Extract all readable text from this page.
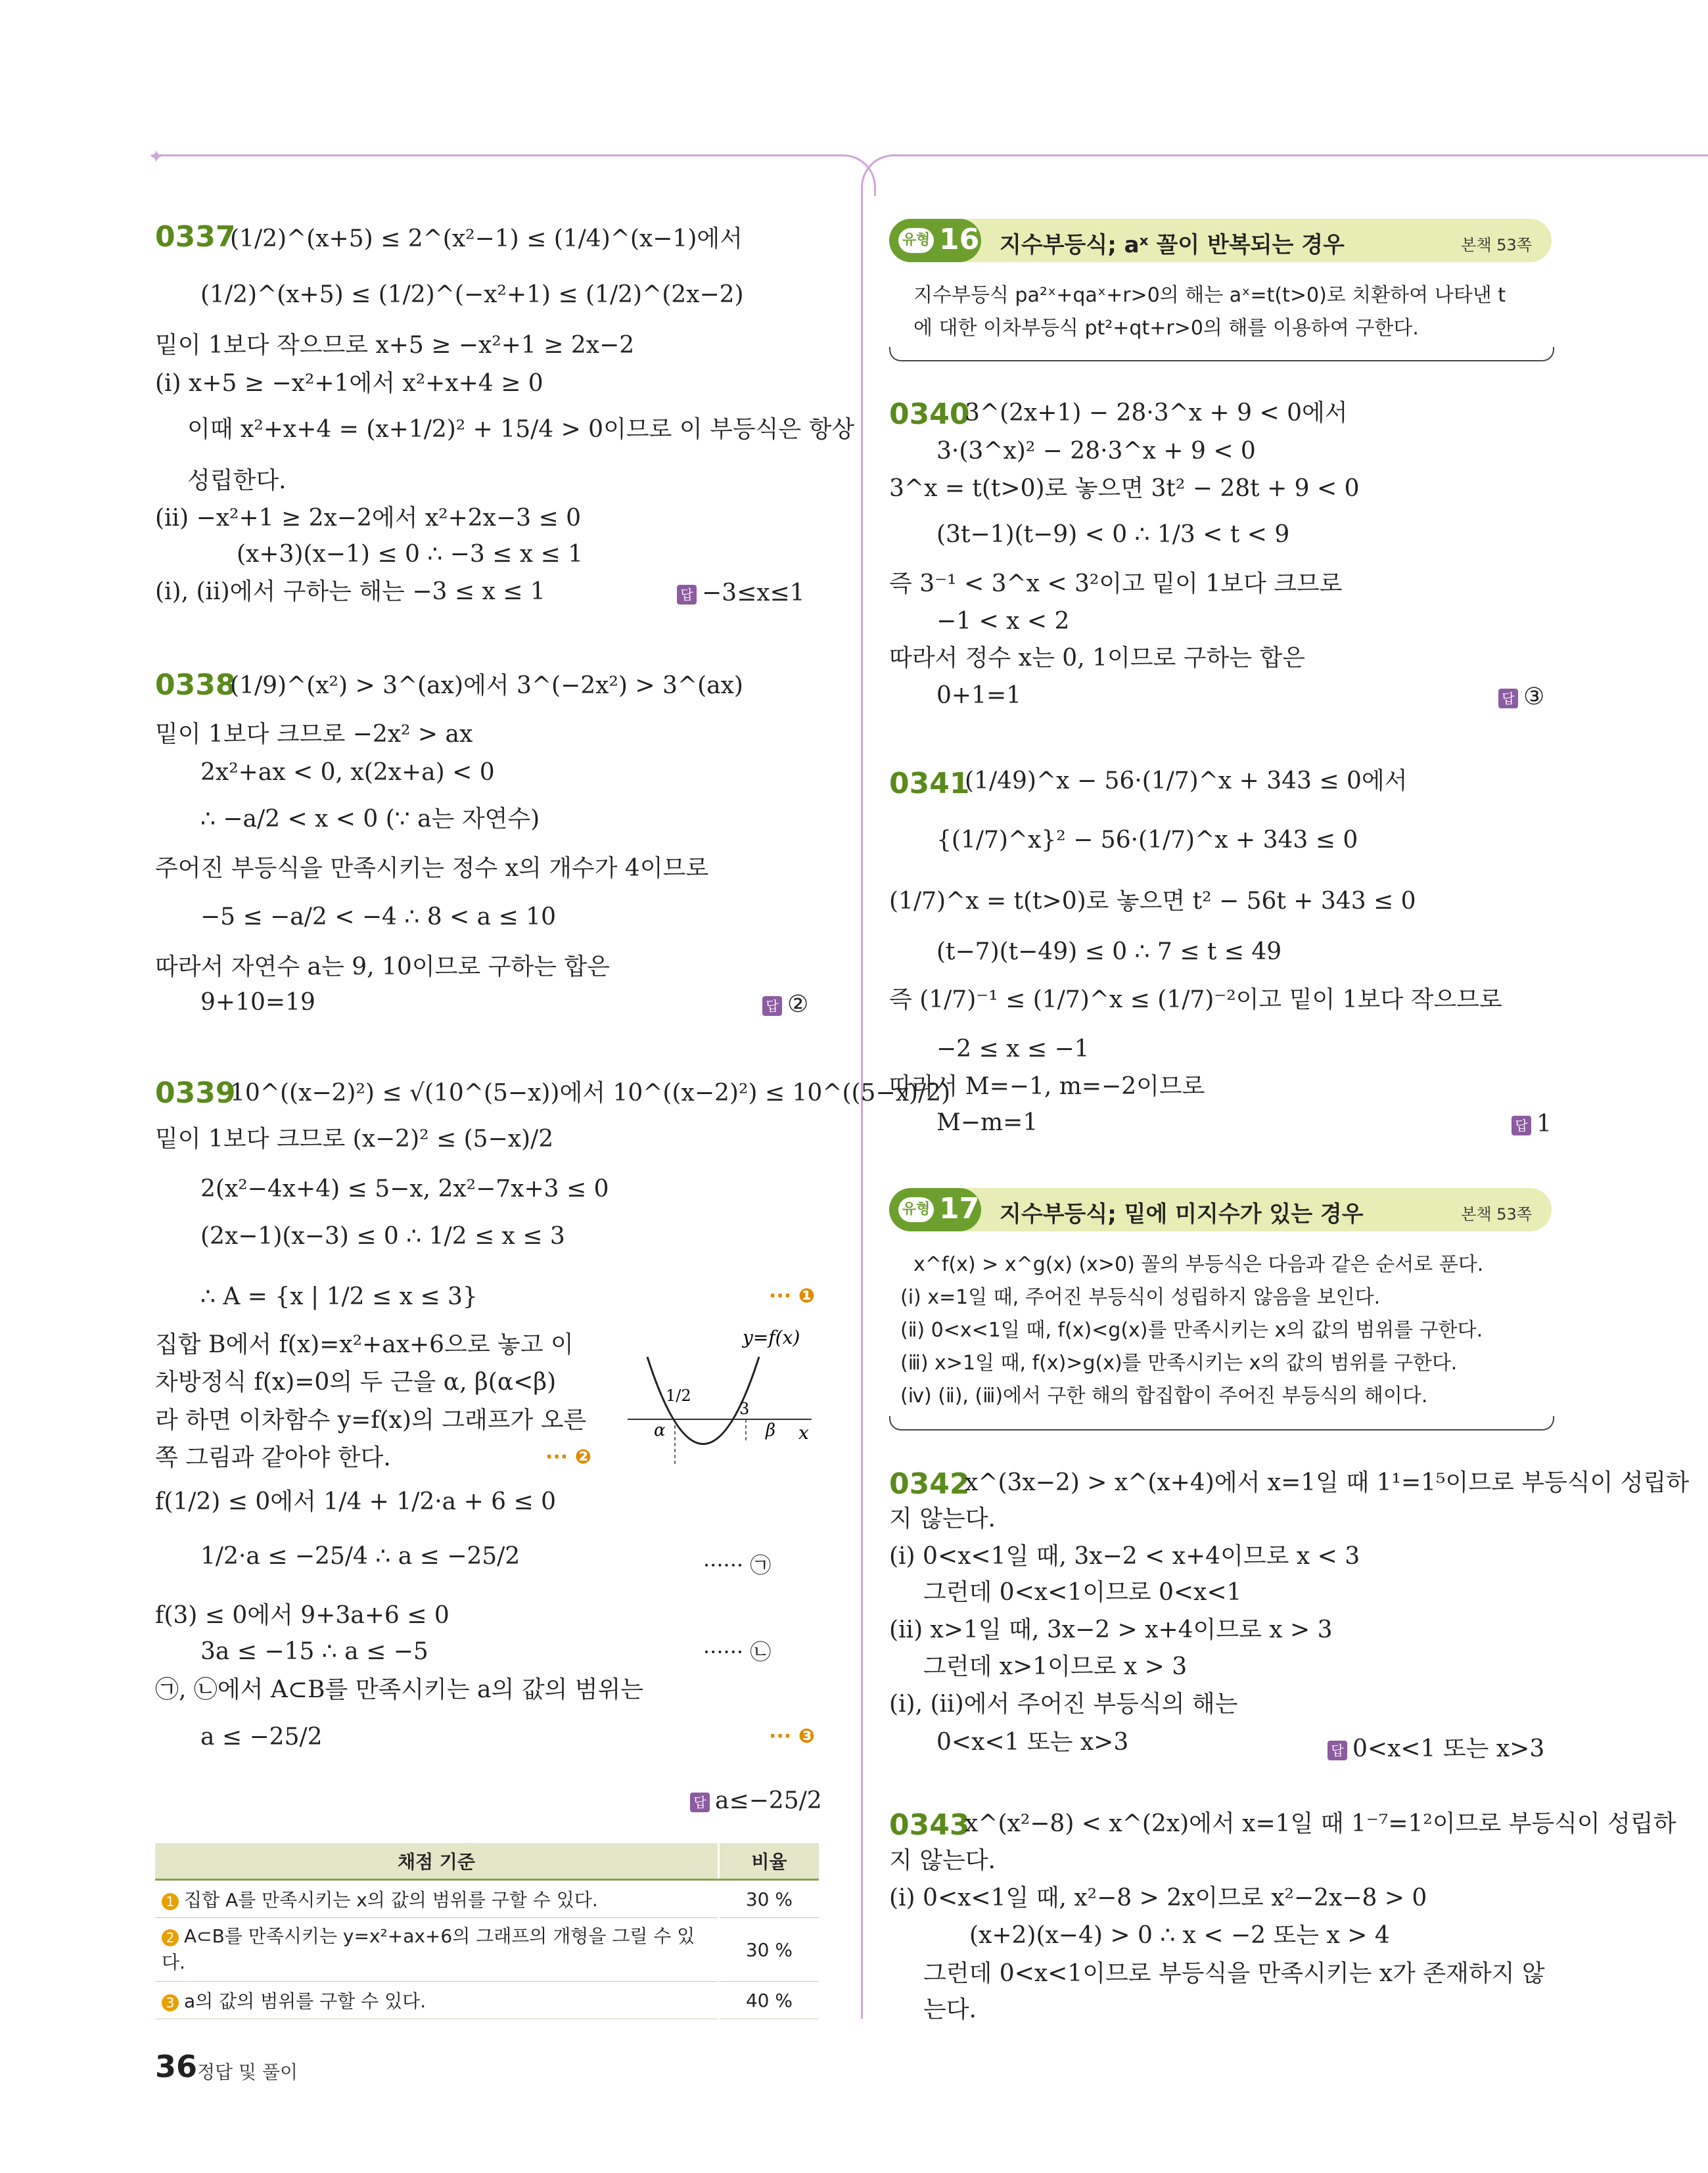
✦
0337
(1/2)^(x+5) ≤ 2^(x²−1) ≤ (1/4)^(x−1)에서
(1/2)^(x+5) ≤ (1/2)^(−x²+1) ≤ (1/2)^(2x−2)
밑이 1보다 작으므로 x+5 ≥ −x²+1 ≥ 2x−2
(ⅰ) x+5 ≥ −x²+1에서 x²+x+4 ≥ 0
이때 x²+x+4 = (x+1/2)² + 15/4 > 0이므로 이 부등식은 항상
성립한다.
(ⅱ) −x²+1 ≥ 2x−2에서 x²+2x−3 ≤ 0
(x+3)(x−1) ≤ 0 ∴ −3 ≤ x ≤ 1
(ⅰ), (ⅱ)에서 구하는 해는 −3 ≤ x ≤ 1	답 −3≤x≤1
0338
(1/9)^(x²) > 3^(ax)에서 3^(−2x²) > 3^(ax)
밑이 1보다 크므로 −2x² > ax
2x²+ax < 0, x(2x+a) < 0
∴ −a/2 < x < 0 (∵ a는 자연수)
주어진 부등식을 만족시키는 정수 x의 개수가 4이므로
−5 ≤ −a/2 < −4 ∴ 8 < a ≤ 10
따라서 자연수 a는 9, 10이므로 구하는 합은
9+10=19	답 ②
0339
10^((x−2)²) ≤ √(10^(5−x))에서 10^((x−2)²) ≤ 10^((5−x)/2)
밑이 1보다 크므로 (x−2)² ≤ (5−x)/2
2(x²−4x+4) ≤ 5−x, 2x²−7x+3 ≤ 0
(2x−1)(x−3) ≤ 0 ∴ 1/2 ≤ x ≤ 3
∴ A = {x | 1/2 ≤ x ≤ 3}	··· ❶
집합 B에서 f(x)=x²+ax+6으로 놓고 이
차방정식 f(x)=0의 두 근을 α, β(α<β)
라 하면 이차함수 y=f(x)의 그래프가 오른
쪽 그림과 같아야 한다.	··· ❷
y=f(x)
x
α	β
1/2
3
f(1/2) ≤ 0에서 1/4 + 1/2·a + 6 ≤ 0
1/2·a ≤ −25/4 ∴ a ≤ −25/2	······ ㉠
f(3) ≤ 0에서 9+3a+6 ≤ 0
3a ≤ −15 ∴ a ≤ −5	······ ㉡
㉠, ㉡에서 A⊂B를 만족시키는 a의 값의 범위는
a ≤ −25/2	··· ❸
답 a≤−25/2
채점 기준	비율
1 집합 A를 만족시키는 x의 값의 범위를 구할 수 있다.	30 %
2 A⊂B를 만족시키는 y=x²+ax+6의 그래프의 개형을 그릴 수 있다.	30 %
3 a의 값의 범위를 구할 수 있다.	40 %
36 정답 및 풀이
유형 16 지수부등식; aˣ 꼴이 반복되는 경우	본책 53쪽
지수부등식 pa²ˣ+qaˣ+r>0의 해는 aˣ=t(t>0)로 치환하여 나타낸 t
에 대한 이차부등식 pt²+qt+r>0의 해를 이용하여 구한다.
0340
3^(2x+1) − 28·3^x + 9 < 0에서
3·(3^x)² − 28·3^x + 9 < 0
3^x = t(t>0)로 놓으면 3t² − 28t + 9 < 0
(3t−1)(t−9) < 0 ∴ 1/3 < t < 9
즉 3⁻¹ < 3^x < 3²이고 밑이 1보다 크므로
−1 < x < 2
따라서 정수 x는 0, 1이므로 구하는 합은
0+1=1	답 ③
0341
(1/49)^x − 56·(1/7)^x + 343 ≤ 0에서
{(1/7)^x}² − 56·(1/7)^x + 343 ≤ 0
(1/7)^x = t(t>0)로 놓으면 t² − 56t + 343 ≤ 0
(t−7)(t−49) ≤ 0 ∴ 7 ≤ t ≤ 49
즉 (1/7)⁻¹ ≤ (1/7)^x ≤ (1/7)⁻²이고 밑이 1보다 작으므로
−2 ≤ x ≤ −1
따라서 M=−1, m=−2이므로
M−m=1	답 1
유형 17 지수부등식; 밑에 미지수가 있는 경우	본책 53쪽
x^f(x) > x^g(x) (x>0) 꼴의 부등식은 다음과 같은 순서로 푼다.
(ⅰ) x=1일 때, 주어진 부등식이 성립하지 않음을 보인다.
(ⅱ) 0<x<1일 때, f(x)<g(x)를 만족시키는 x의 값의 범위를 구한다.
(ⅲ) x>1일 때, f(x)>g(x)를 만족시키는 x의 값의 범위를 구한다.
(ⅳ) (ⅱ), (ⅲ)에서 구한 해의 합집합이 주어진 부등식의 해이다.
0342
x^(3x−2) > x^(x+4)에서 x=1일 때 1¹=1⁵이므로 부등식이 성립하
지 않는다.
(ⅰ) 0<x<1일 때, 3x−2 < x+4이므로 x < 3
그런데 0<x<1이므로 0<x<1
(ⅱ) x>1일 때, 3x−2 > x+4이므로 x > 3
그런데 x>1이므로 x > 3
(ⅰ), (ⅱ)에서 주어진 부등식의 해는
0<x<1 또는 x>3	답 0<x<1 또는 x>3
0343
x^(x²−8) < x^(2x)에서 x=1일 때 1⁻⁷=1²이므로 부등식이 성립하
지 않는다.
(ⅰ) 0<x<1일 때, x²−8 > 2x이므로 x²−2x−8 > 0
(x+2)(x−4) > 0 ∴ x < −2 또는 x > 4
그런데 0<x<1이므로 부등식을 만족시키는 x가 존재하지 않
는다.
